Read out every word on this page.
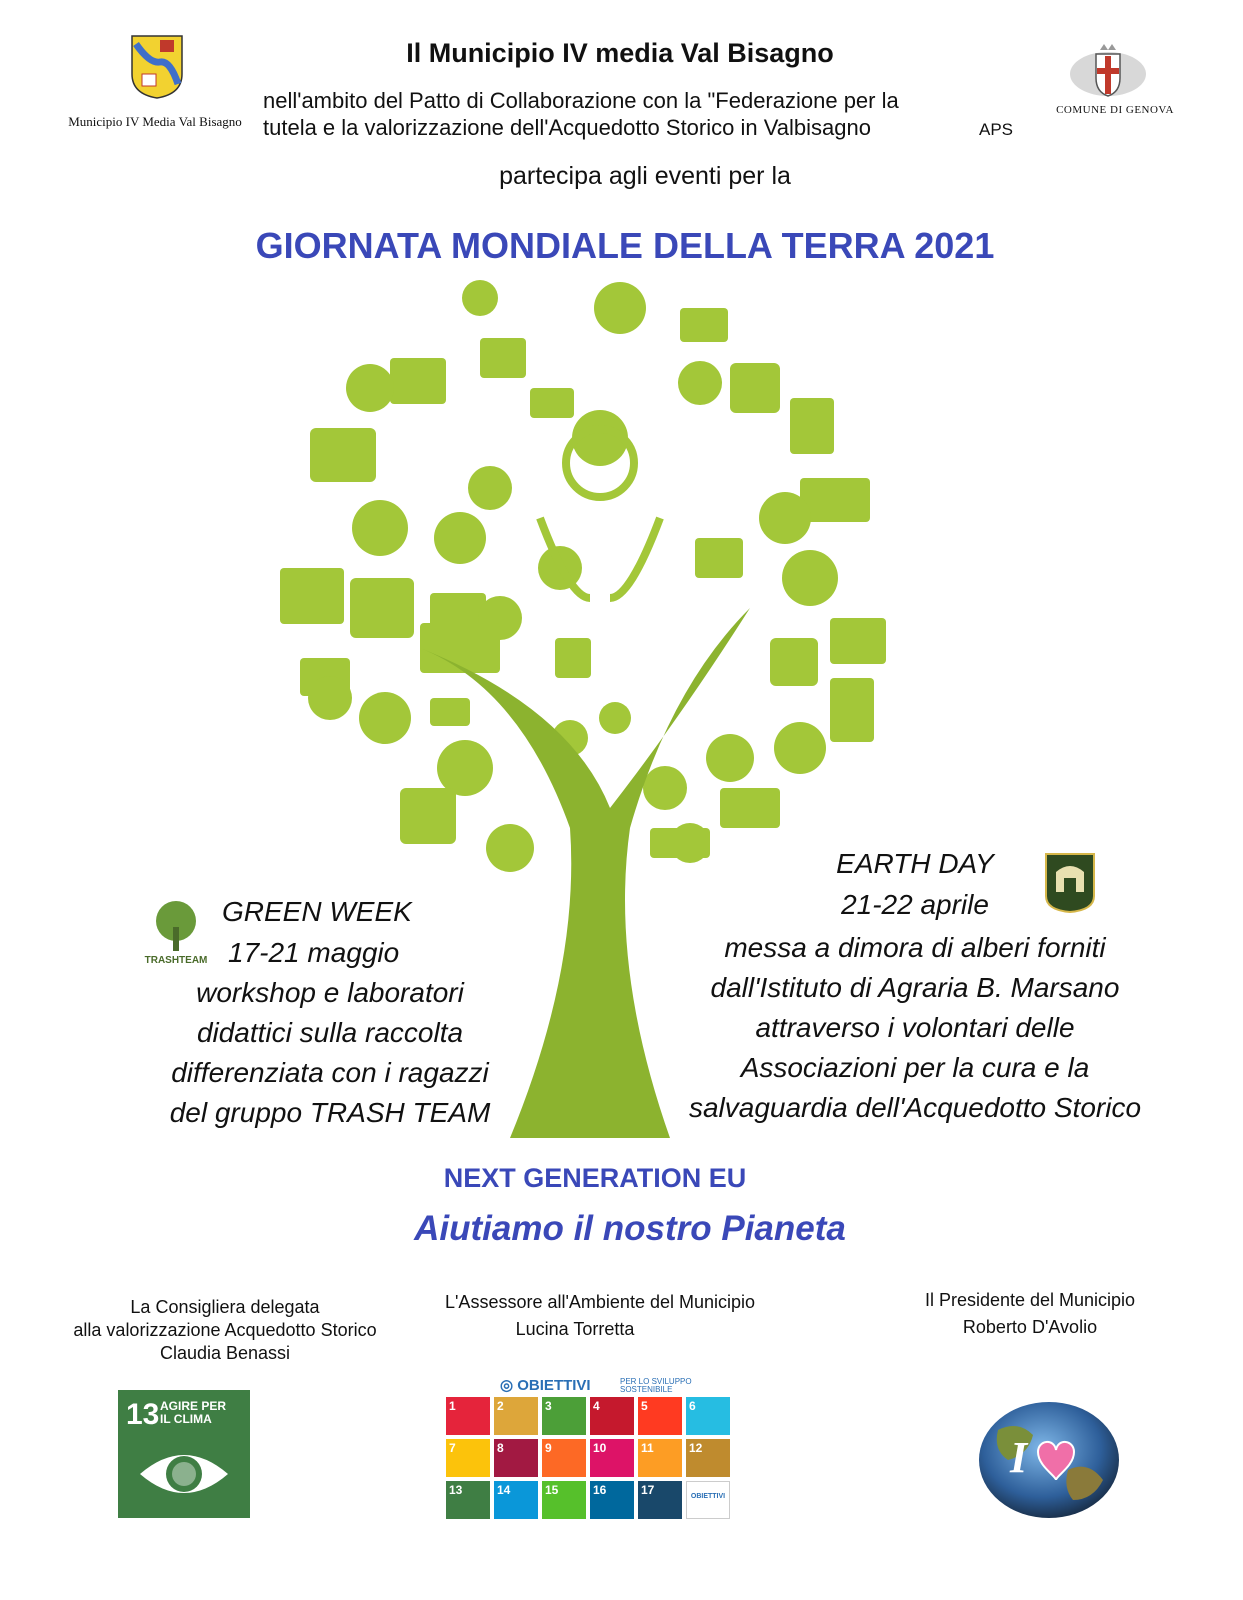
Municipio IV Media Val Bisagno
Il Municipio IV media Val Bisagno
nell'ambito del Patto di Collaborazione con la "Federazione per la
tutela e la valorizzazione dell'Acquedotto Storico in Valbisagno	APS
COMUNE DI GENOVA
partecipa agli eventi per la
GIORNATA MONDIALE DELLA TERRA 2021
TRASHTEAM
GREEN WEEK
17-21 maggio
workshop e laboratori
didattici sulla raccolta
differenziata con i ragazzi
del gruppo TRASH TEAM
EARTH DAY
21-22 aprile
messa a dimora di alberi forniti
dall'Istituto di Agraria B. Marsano
attraverso i volontari delle
Associazioni per la cura e la
salvaguardia dell'Acquedotto Storico
NEXT GENERATION EU
Aiutiamo il nostro Pianeta
La Consigliera delegata
alla valorizzazione Acquedotto Storico
Claudia Benassi
L'Assessore all'Ambiente del Municipio
Lucina Torretta
Il Presidente del Municipio
Roberto D'Avolio
13 AGIRE PER
IL CLIMA
◎ OBIETTIVI	PER LO SVILUPPO
SOSTENIBILE
1	2	3	4	5	6
7	8	9	10	11	12
13	14	15	16	17	OBIETTIVI
I
